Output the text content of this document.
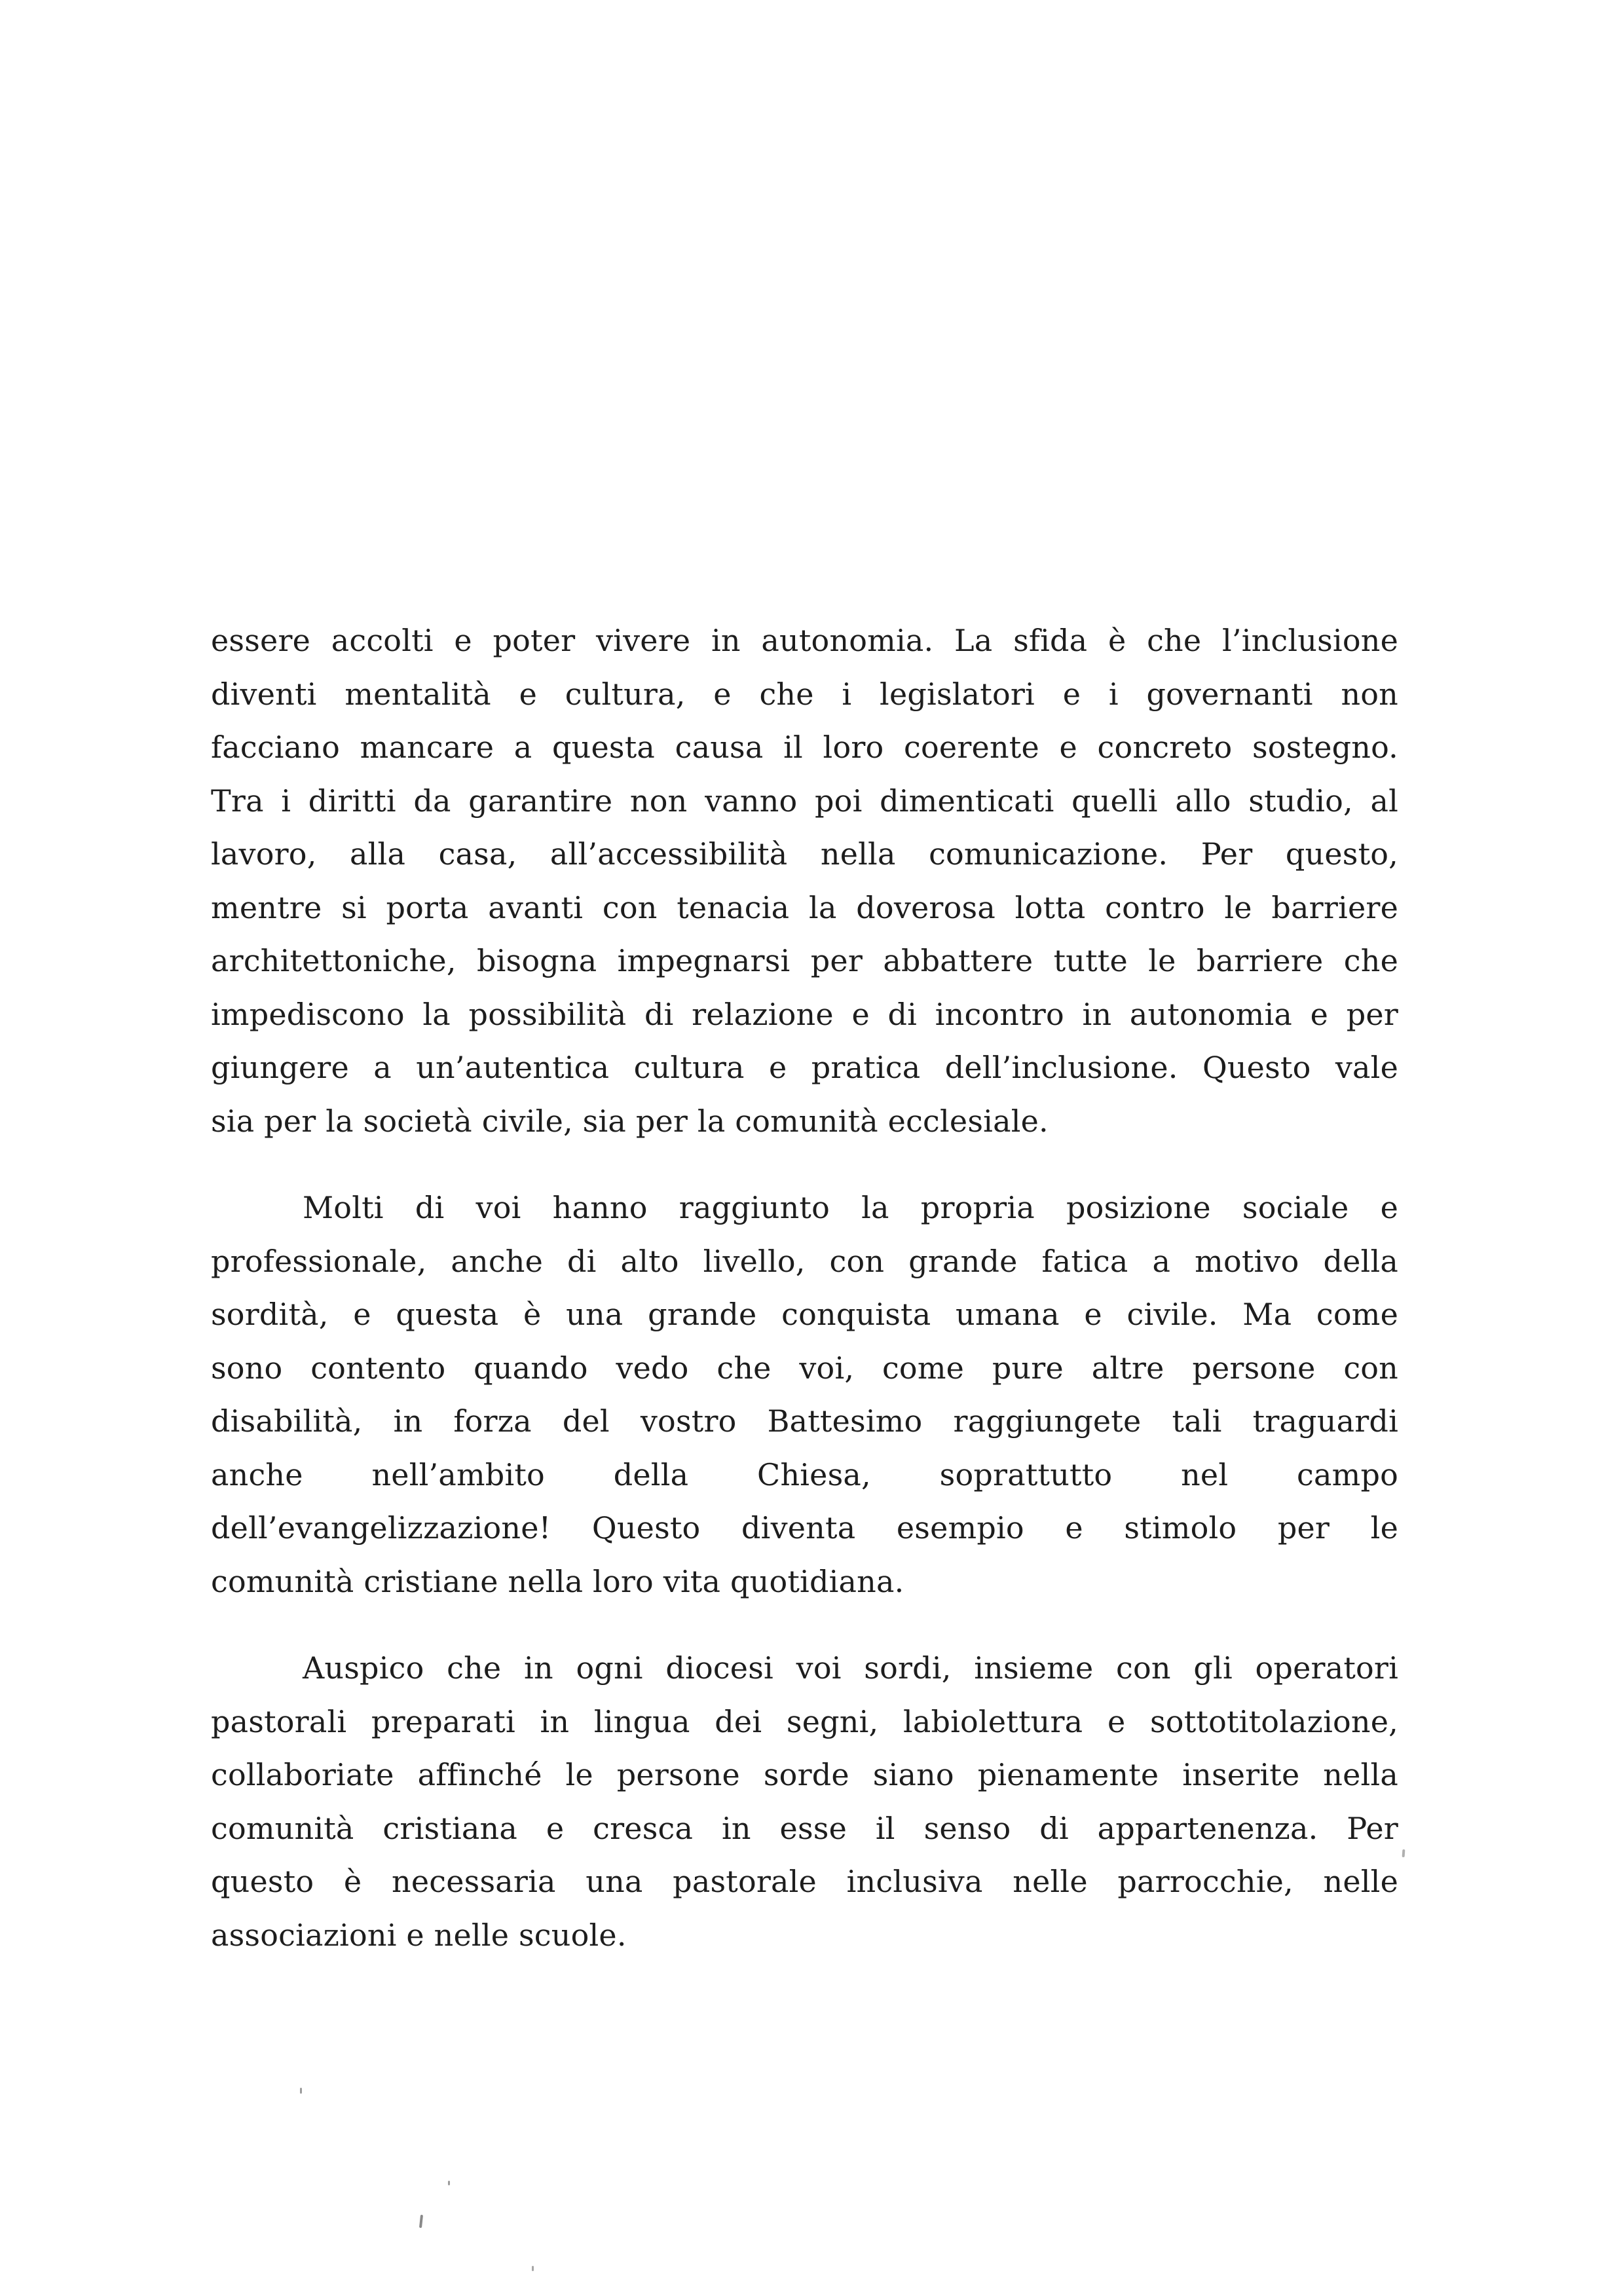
essere accolti e poter vivere in autonomia. La sfida è che l’inclusione
diventi mentalità e cultura, e che i legislatori e i governanti non
facciano mancare a questa causa il loro coerente e concreto sostegno.
Tra i diritti da garantire non vanno poi dimenticati quelli allo studio, al
lavoro, alla casa, all’accessibilità nella comunicazione. Per questo,
mentre si porta avanti con tenacia la doverosa lotta contro le barriere
architettoniche, bisogna impegnarsi per abbattere tutte le barriere che
impediscono la possibilità di relazione e di incontro in autonomia e per
giungere a un’autentica cultura e pratica dell’inclusione. Questo vale
sia per la società civile, sia per la comunità ecclesiale.
Molti di voi hanno raggiunto la propria posizione sociale e
professionale, anche di alto livello, con grande fatica a motivo della
sordità, e questa è una grande conquista umana e civile. Ma come
sono contento quando vedo che voi, come pure altre persone con
disabilità, in forza del vostro Battesimo raggiungete tali traguardi
anche nell’ambito della Chiesa, soprattutto nel campo
dell’evangelizzazione! Questo diventa esempio e stimolo per le
comunità cristiane nella loro vita quotidiana.
Auspico che in ogni diocesi voi sordi, insieme con gli operatori
pastorali preparati in lingua dei segni, labiolettura e sottotitolazione,
collaboriate affinché le persone sorde siano pienamente inserite nella
comunità cristiana e cresca in esse il senso di appartenenza. Per
questo è necessaria una pastorale inclusiva nelle parrocchie, nelle
associazioni e nelle scuole.
